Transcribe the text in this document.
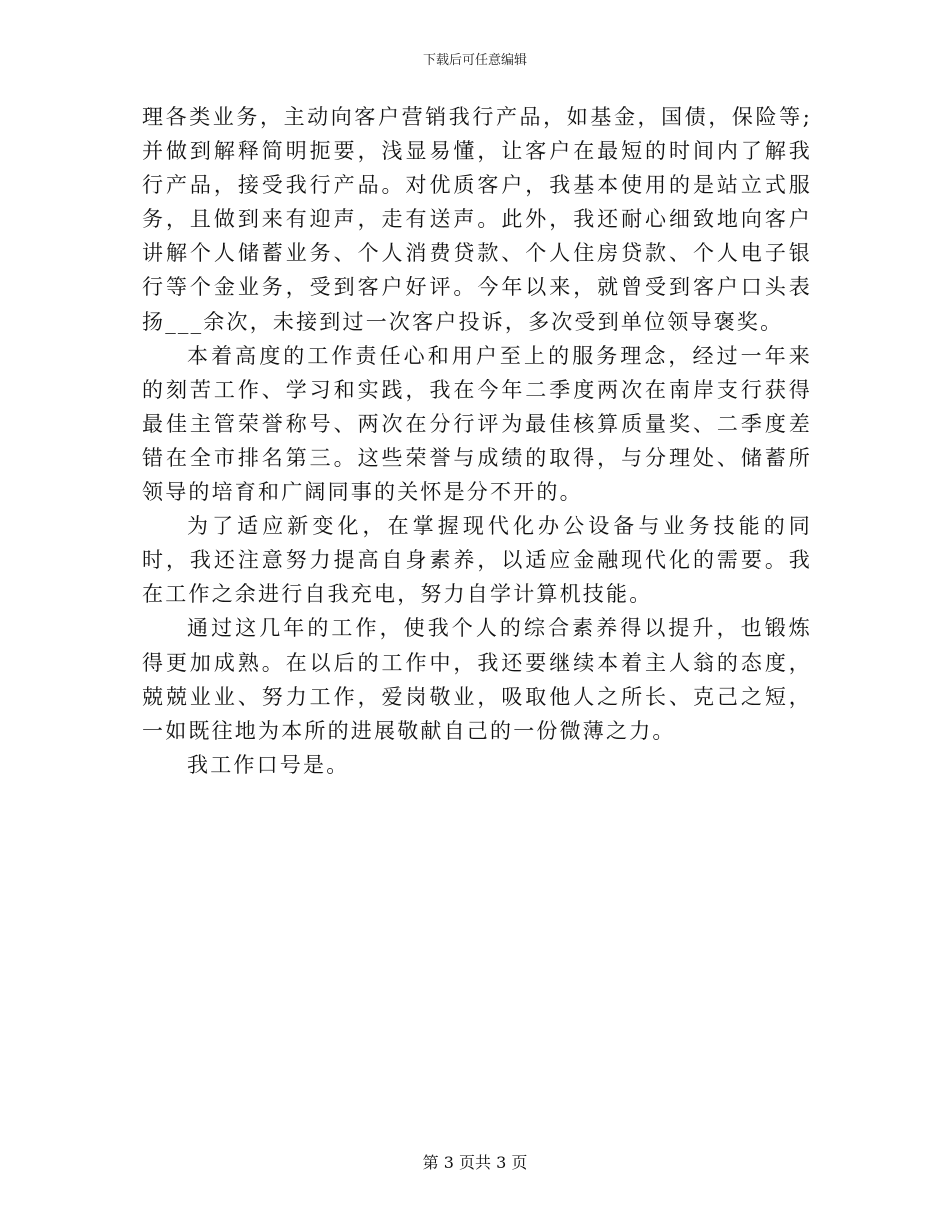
下载后可任意编辑

理各类业务，主动向客户营销我行产品，如基金，国债，保险等;并做到解释简明扼要，浅显易懂，让客户在最短的时间内了解我行产品，接受我行产品。对优质客户，我基本使用的是站立式服务，且做到来有迎声，走有送声。此外，我还耐心细致地向客户讲解个人储蓄业务、个人消费贷款、个人住房贷款、个人电子银行等个金业务，受到客户好评。今年以来，就曾受到客户口头表扬___余次，未接到过一次客户投诉，多次受到单位领导褒奖。

本着高度的工作责任心和用户至上的服务理念，经过一年来的刻苦工作、学习和实践，我在今年二季度两次在南岸支行获得最佳主管荣誉称号、两次在分行评为最佳核算质量奖、二季度差错在全市排名第三。这些荣誉与成绩的取得，与分理处、储蓄所领导的培育和广阔同事的关怀是分不开的。

为了适应新变化，在掌握现代化办公设备与业务技能的同时，我还注意努力提高自身素养，以适应金融现代化的需要。我在工作之余进行自我充电，努力自学计算机技能。

通过这几年的工作，使我个人的综合素养得以提升，也锻炼得更加成熟。在以后的工作中，我还要继续本着主人翁的态度，兢兢业业、努力工作，爱岗敬业，吸取他人之所长、克己之短，一如既往地为本所的进展敬献自己的一份微薄之力。

我工作口号是。

第 3 页共 3 页
